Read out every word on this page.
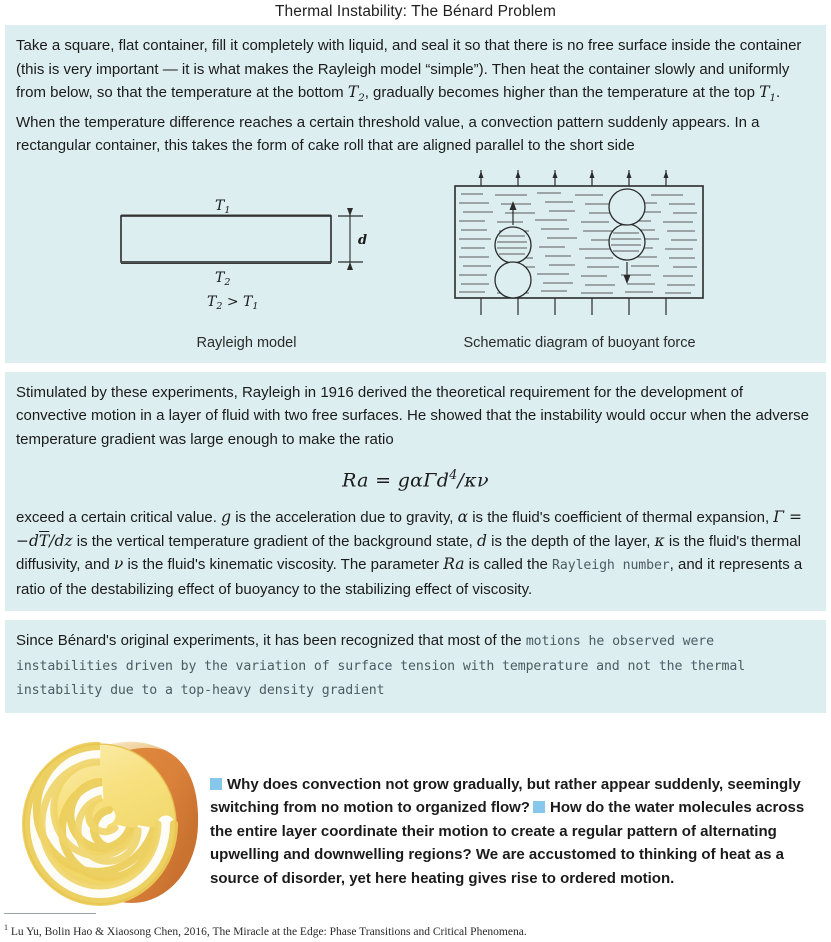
Thermal Instability: The Bénard Problem

Take a square, flat container, fill it completely with liquid, and seal it so that there is no free surface inside the container (this is very important — it is what makes the Rayleigh model “simple”). Then heat the container slowly and uniformly from below, so that the temperature at the bottom $T_2$, gradually becomes higher than the temperature at the top $T_1$. When the temperature difference reaches a certain threshold value, a convection pattern suddenly appears. In a rectangular container, this takes the form of cake roll that are aligned parallel to the short side

d
$T_1$
$T_2$
$T_2 > T_1$
Rayleigh model	Schematic diagram of buoyant force

Stimulated by these experiments, Rayleigh in 1916 derived the theoretical requirement for the development of convective motion in a layer of fluid with two free surfaces. He showed that the instability would occur when the adverse temperature gradient was large enough to make the ratio

Ra = gαΓd$^4$/κν

exceed a certain critical value. g is the acceleration due to gravity, α is the fluid's coefficient of thermal expansion, $\Gamma = -d\overline{T}/dz$ is the vertical temperature gradient of the background state, d is the depth of the layer, κ is the fluid's thermal diffusivity, and ν is the fluid's kinematic viscosity. The parameter Ra is called the Rayleigh number, and it represents a ratio of the destabilizing effect of buoyancy to the stabilizing effect of viscosity.

Since Bénard's original experiments, it has been recognized that most of the motions he observed were instabilities driven by the variation of surface tension with temperature and not the thermal instability due to a top-heavy density gradient

Why does convection not grow gradually, but rather appear suddenly, seemingly switching from no motion to organized flow? How do the water molecules across the entire layer coordinate their motion to create a regular pattern of alternating upwelling and downwelling regions? We are accustomed to thinking of heat as a source of disorder, yet here heating gives rise to ordered motion.
$^1$ Lu Yu, Bolin Hao & Xiaosong Chen, 2016, The Miracle at the Edge: Phase Transitions and Critical Phenomena.
